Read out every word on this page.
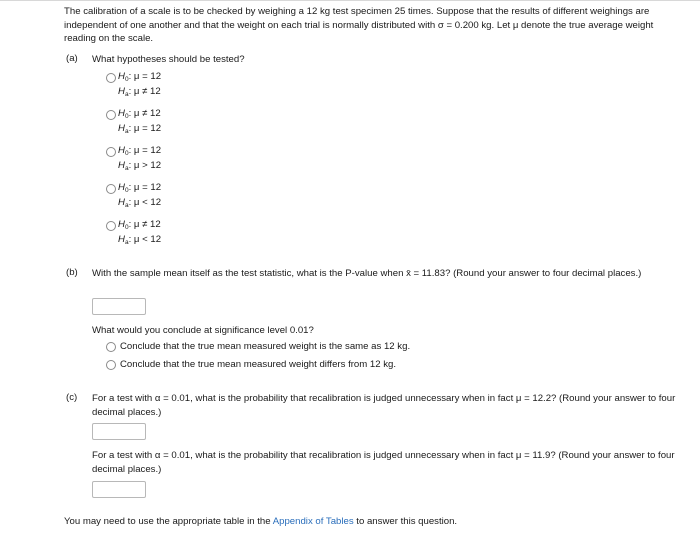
The calibration of a scale is to be checked by weighing a 12 kg test specimen 25 times. Suppose that the results of different weighings are independent of one another and that the weight on each trial is normally distributed with σ = 0.200 kg. Let μ denote the true average weight reading on the scale.
(a) What hypotheses should be tested?
$H_0$: μ = 12
$H_a$: μ ≠ 12
$H_0$: μ ≠ 12
$H_a$: μ = 12
$H_0$: μ = 12
$H_a$: μ > 12
$H_0$: μ = 12
$H_a$: μ < 12
$H_0$: μ ≠ 12
$H_a$: μ < 12
(b) With the sample mean itself as the test statistic, what is the P-value when x̄ = 11.83? (Round your answer to four decimal places.)
What would you conclude at significance level 0.01?
Conclude that the true mean measured weight is the same as 12 kg.
Conclude that the true mean measured weight differs from 12 kg.
(c) For a test with α = 0.01, what is the probability that recalibration is judged unnecessary when in fact μ = 12.2? (Round your answer to four decimal places.)
For a test with α = 0.01, what is the probability that recalibration is judged unnecessary when in fact μ = 11.9? (Round your answer to four decimal places.)
You may need to use the appropriate table in the Appendix of Tables to answer this question.
